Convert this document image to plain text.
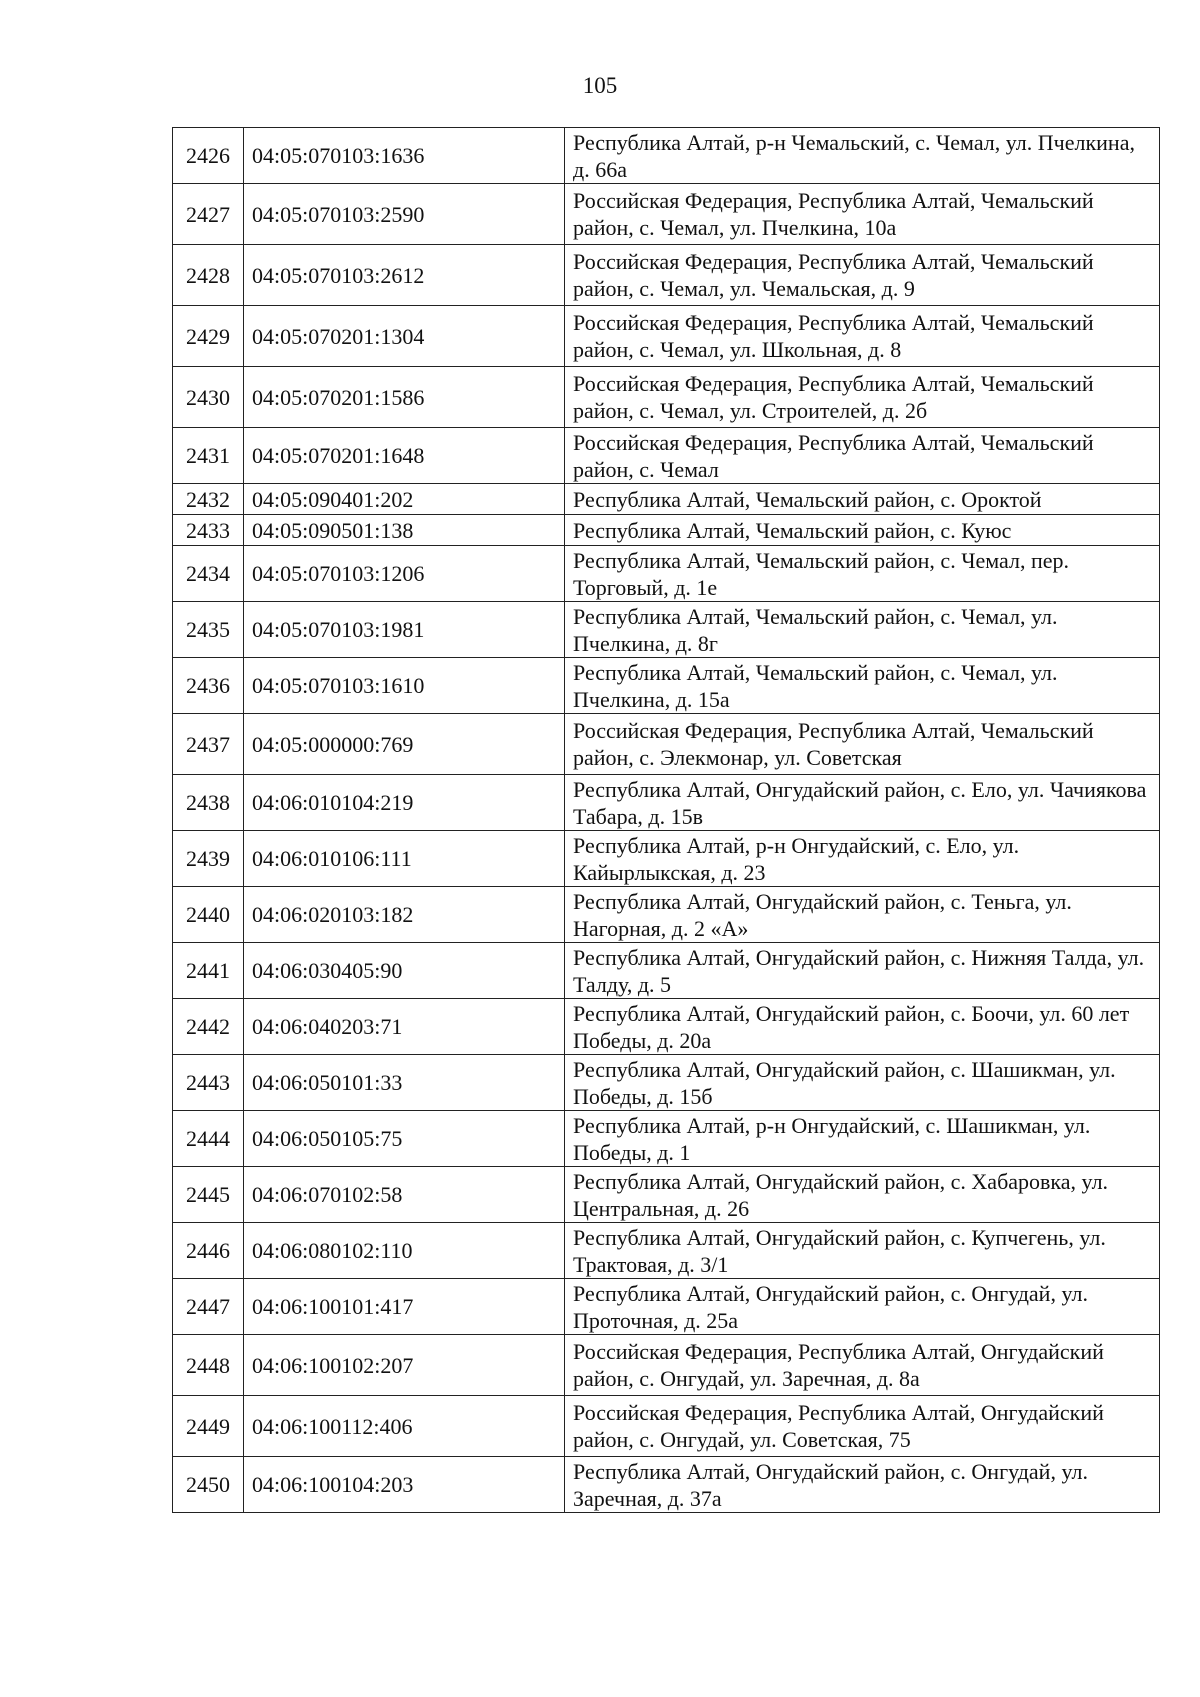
105
2426	04:05:070103:1636	Республика Алтай, р-н Чемальский, с. Чемал, ул. Пчелкина, д. 66а
2427	04:05:070103:2590	Российская Федерация, Республика Алтай, Чемальский район, с. Чемал, ул. Пчелкина, 10а
2428	04:05:070103:2612	Российская Федерация, Республика Алтай, Чемальский район, с. Чемал, ул. Чемальская, д. 9
2429	04:05:070201:1304	Российская Федерация, Республика Алтай, Чемальский район, с. Чемал, ул. Школьная, д. 8
2430	04:05:070201:1586	Российская Федерация, Республика Алтай, Чемальский район, с. Чемал, ул. Строителей, д. 2б
2431	04:05:070201:1648	Российская Федерация, Республика Алтай, Чемальский район, с. Чемал
2432	04:05:090401:202	Республика Алтай, Чемальский район, с. Ороктой
2433	04:05:090501:138	Республика Алтай, Чемальский район, с. Куюс
2434	04:05:070103:1206	Республика Алтай, Чемальский район, с. Чемал, пер. Торговый, д. 1е
2435	04:05:070103:1981	Республика Алтай, Чемальский район, с. Чемал, ул. Пчелкина, д. 8г
2436	04:05:070103:1610	Республика Алтай, Чемальский район, с. Чемал, ул. Пчелкина, д. 15а
2437	04:05:000000:769	Российская Федерация, Республика Алтай, Чемальский район, с. Элекмонар, ул. Советская
2438	04:06:010104:219	Республика Алтай, Онгудайский район, с. Ело, ул. Чачиякова Табара, д. 15в
2439	04:06:010106:111	Республика Алтай, р-н Онгудайский, с. Ело, ул. Кайырлыкская, д. 23
2440	04:06:020103:182	Республика Алтай, Онгудайский район, с. Теньга, ул. Нагорная, д. 2 «А»
2441	04:06:030405:90	Республика Алтай, Онгудайский район, с. Нижняя Талда, ул. Талду, д. 5
2442	04:06:040203:71	Республика Алтай, Онгудайский район, с. Боочи, ул. 60 лет Победы, д. 20а
2443	04:06:050101:33	Республика Алтай, Онгудайский район, с. Шашикман, ул. Победы, д. 15б
2444	04:06:050105:75	Республика Алтай, р-н Онгудайский, с. Шашикман, ул. Победы, д. 1
2445	04:06:070102:58	Республика Алтай, Онгудайский район, с. Хабаровка, ул. Центральная, д. 26
2446	04:06:080102:110	Республика Алтай, Онгудайский район, с. Купчегень, ул. Трактовая, д. 3/1
2447	04:06:100101:417	Республика Алтай, Онгудайский район, с. Онгудай, ул. Проточная, д. 25а
2448	04:06:100102:207	Российская Федерация, Республика Алтай, Онгудайский район, с. Онгудай, ул. Заречная, д. 8а
2449	04:06:100112:406	Российская Федерация, Республика Алтай, Онгудайский район, с. Онгудай, ул. Советская, 75
2450	04:06:100104:203	Республика Алтай, Онгудайский район, с. Онгудай, ул. Заречная, д. 37а
